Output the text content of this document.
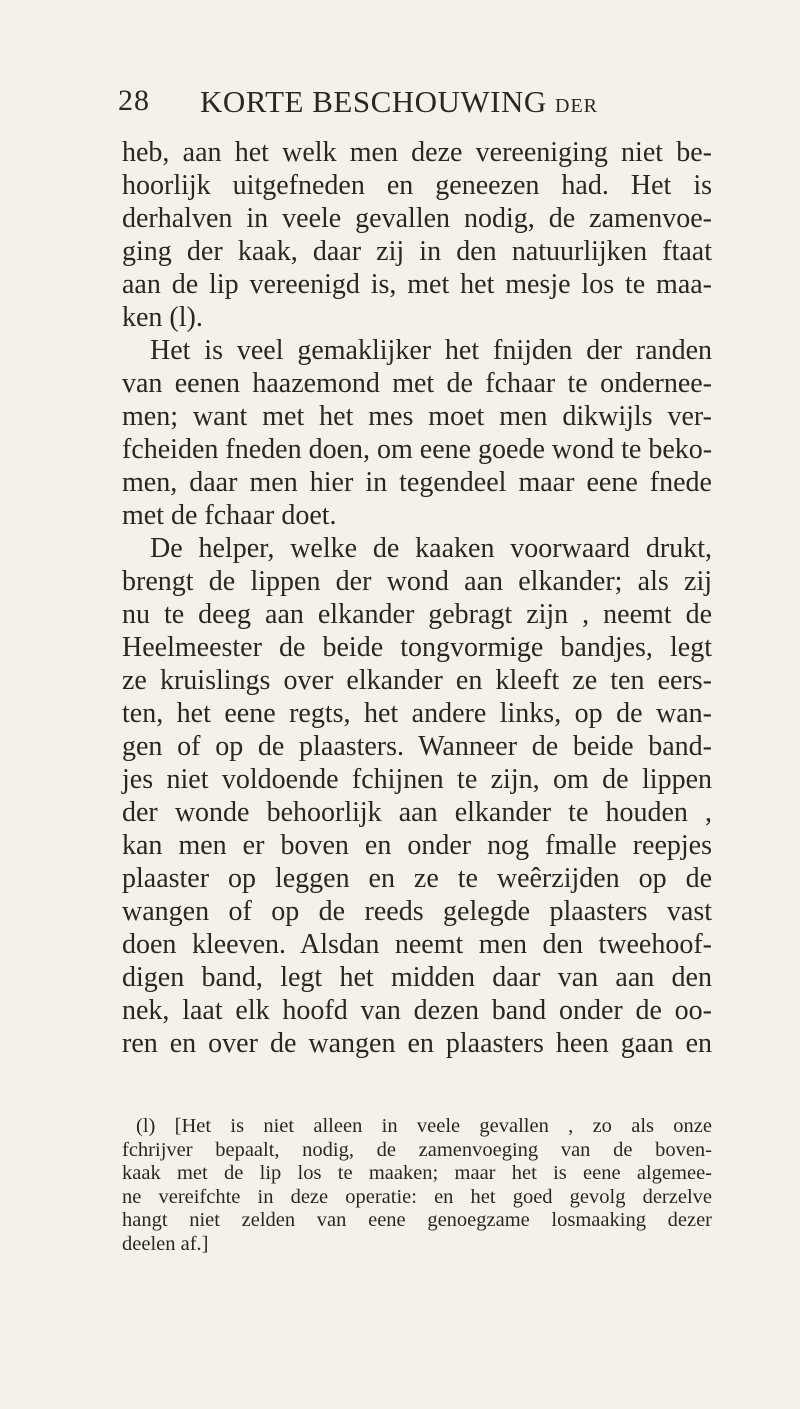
28 KORTE BESCHOUWING DER
heb, aan het welk men deze vereeniging niet be-
hoorlijk uitgefneden en geneezen had. Het is
derhalven in veele gevallen nodig, de zamenvoe-
ging der kaak, daar zij in den natuurlijken ftaat
aan de lip vereenigd is, met het mesje los te maa-
ken (l).
Het is veel gemaklijker het fnijden der randen
van eenen haazemond met de fchaar te ondernee-
men; want met het mes moet men dikwijls ver-
fcheiden fneden doen, om eene goede wond te beko-
men, daar men hier in tegendeel maar eene fnede
met de fchaar doet.
De helper, welke de kaaken voorwaard drukt,
brengt de lippen der wond aan elkander; als zij
nu te deeg aan elkander gebragt zijn , neemt de
Heelmeester de beide tongvormige bandjes, legt
ze kruislings over elkander en kleeft ze ten eers-
ten, het eene regts, het andere links, op de wan-
gen of op de plaasters. Wanneer de beide band-
jes niet voldoende fchijnen te zijn, om de lippen
der wonde behoorlijk aan elkander te houden ,
kan men er boven en onder nog fmalle reepjes
plaaster op leggen en ze te weêrzijden op de
wangen of op de reeds gelegde plaasters vast
doen kleeven. Alsdan neemt men den tweehoof-
digen band, legt het midden daar van aan den
nek, laat elk hoofd van dezen band onder de oo-
ren en over de wangen en plaasters heen gaan en
(l) [Het is niet alleen in veele gevallen , zo als onze
fchrijver bepaalt, nodig, de zamenvoeging van de boven-
kaak met de lip los te maaken; maar het is eene algemee-
ne vereifchte in deze operatie: en het goed gevolg derzelve
hangt niet zelden van eene genoegzame losmaaking dezer
deelen af.]
